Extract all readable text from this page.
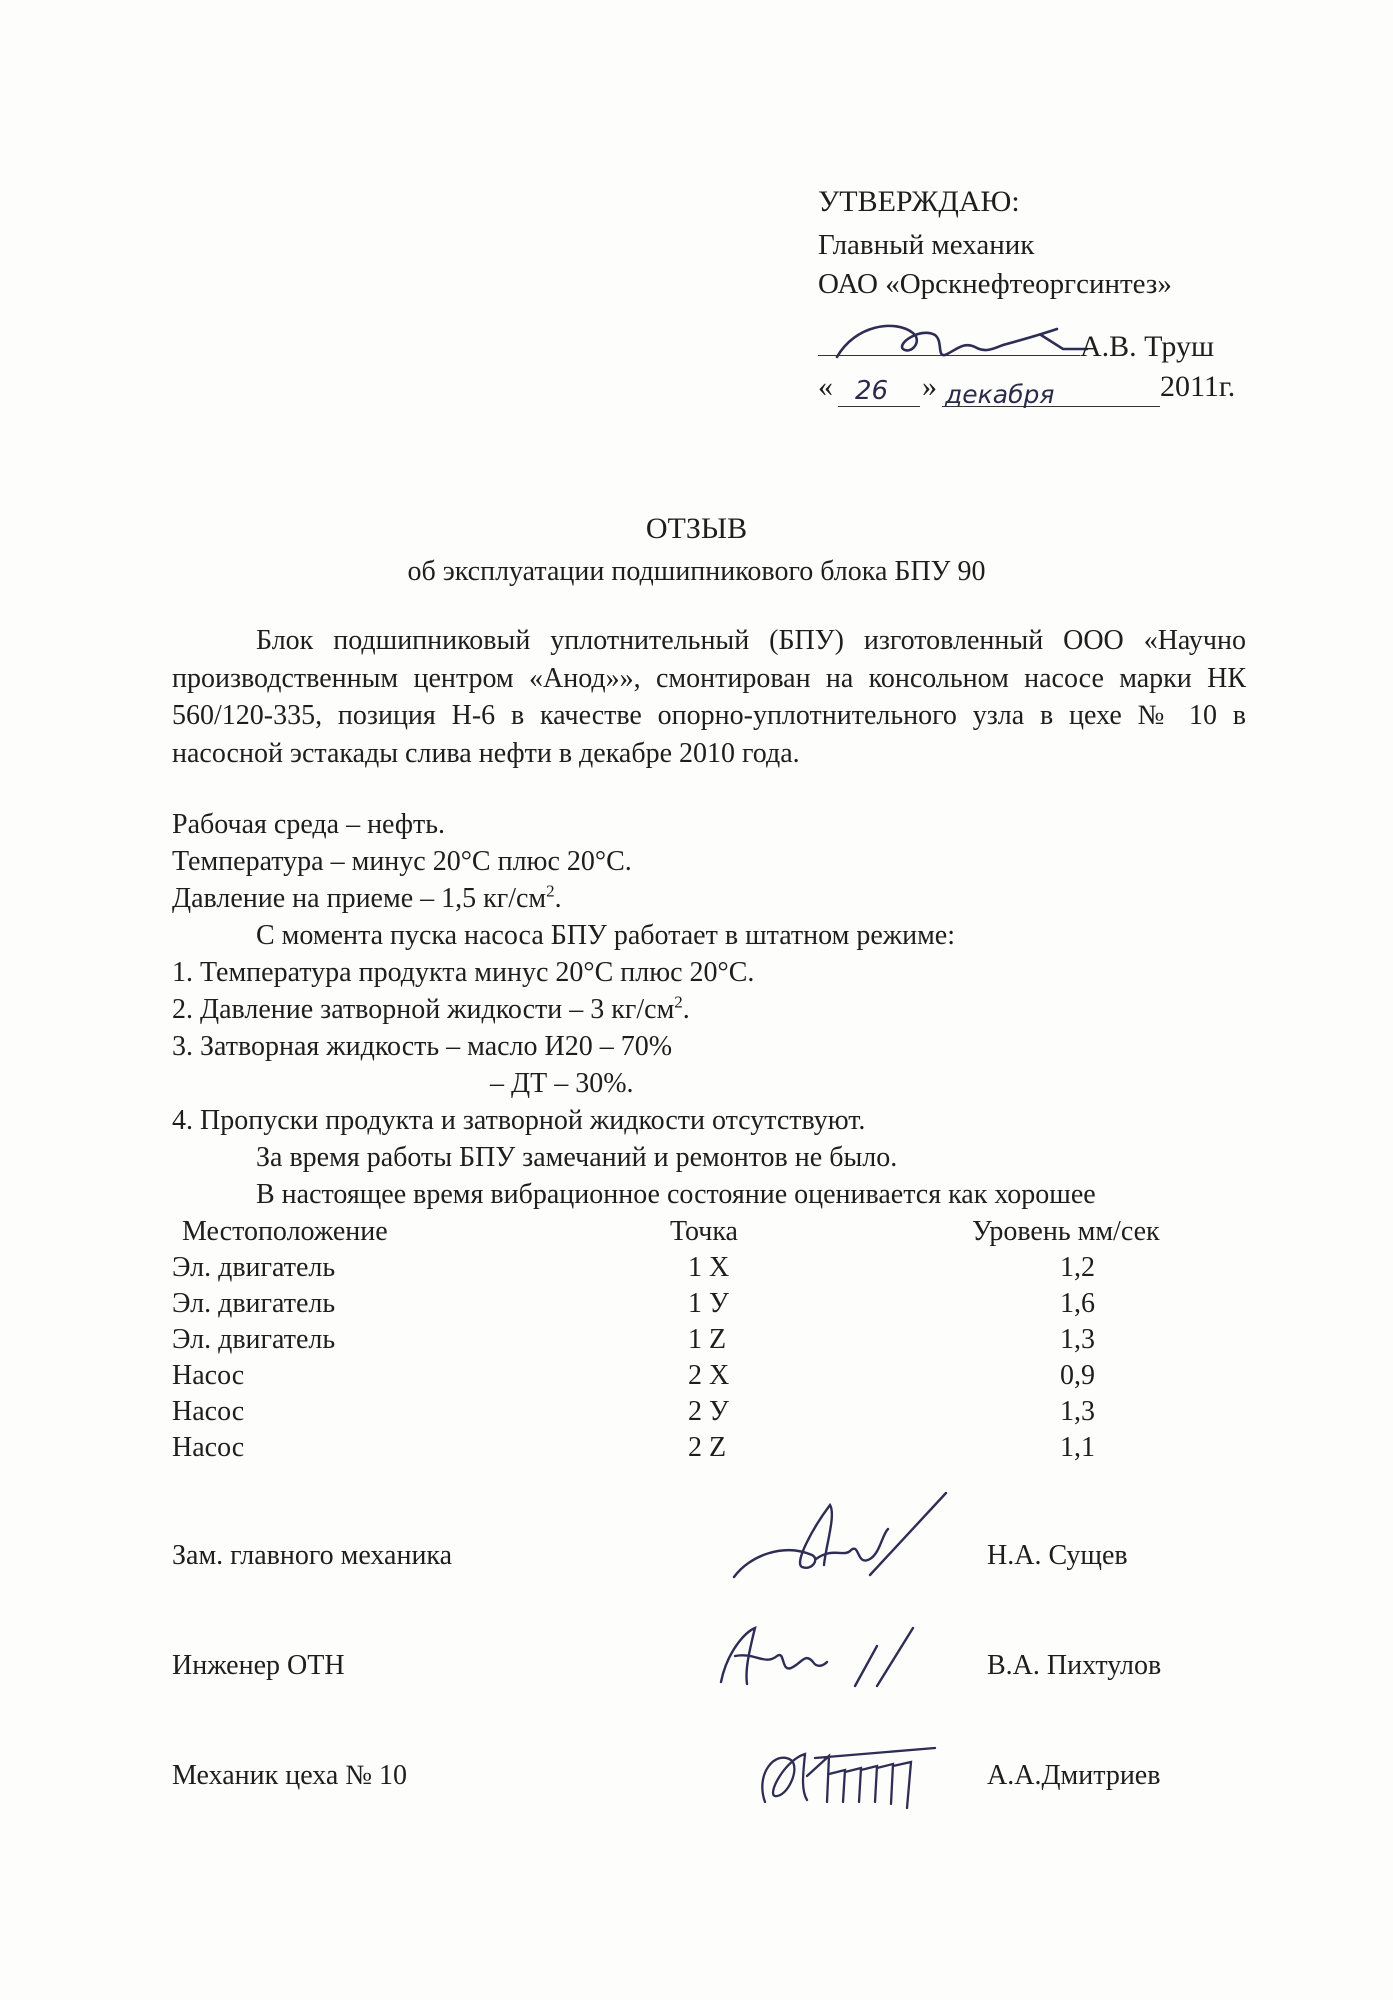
УТВЕРЖДАЮ:
Главный механик
ОАО «Орскнефтеоргсинтез»
А.В. Труш
« 26 » декабря	2011г.
ОТЗЫВ
об эксплуатации подшипникового блока БПУ 90
Блок подшипниковый уплотнительный (БПУ) изготовленный ООО «Научно производственным центром «Анод»», смонтирован на консольном насосе марки НК 560/120-335, позиция Н-6 в качестве опорно-уплотнительного узла в цехе № 10 в насосной эстакады слива нефти в декабре 2010 года.
Рабочая среда – нефть.
Температура – минус 20°С плюс 20°С.
Давление на приеме – 1,5 $кг/см^2$.
С момента пуска насоса БПУ работает в штатном режиме:
1. Температура продукта минус 20°С плюс 20°С.
2. Давление затворной жидкости – 3 $кг/см^2$.
3. Затворная жидкость – масло И20 – 70%
– ДТ – 30%.
4. Пропуски продукта и затворной жидкости отсутствуют.
За время работы БПУ замечаний и ремонтов не было.
В настоящее время вибрационное состояние оценивается как хорошее
Местоположение	Точка	Уровень мм/сек
Эл. двигатель	1 Х	1,2
Эл. двигатель	1 У	1,6
Эл. двигатель	1 Z	1,3
Насос	2 Х	0,9
Насос	2 У	1,3
Насос	2 Z	1,1
Зам. главного механика	Н.А. Сущев
Инженер ОТН	В.А. Пихтулов
Механик цеха № 10	А.А.Дмитриев
